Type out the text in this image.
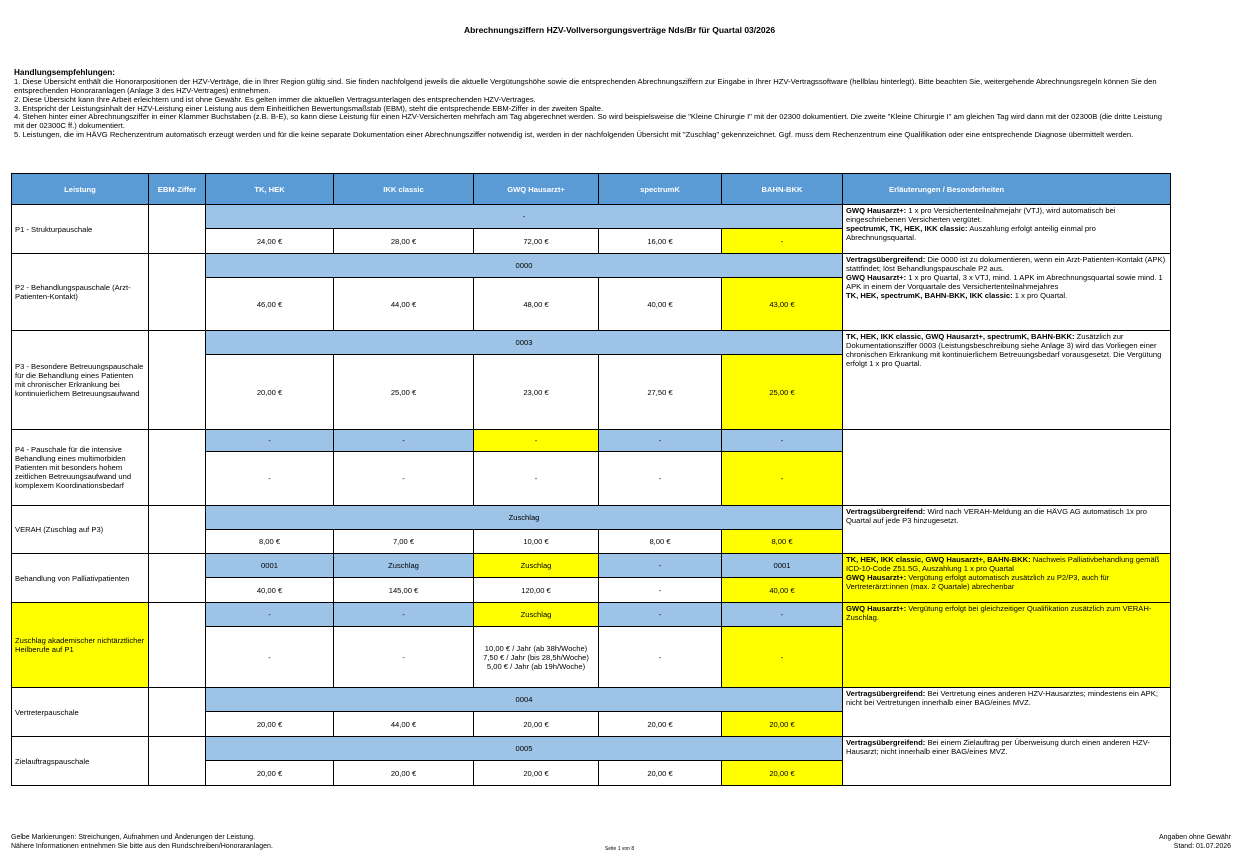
Abrechnungsziffern HZV-Vollversorgungsverträge Nds/Br für Quartal 03/2026
Handlungsempfehlungen:
1. Diese Übersicht enthält die Honorarpositionen der HZV-Verträge, die in Ihrer Region gültig sind. Sie finden nachfolgend jeweils die aktuelle Vergütungshöhe sowie die entsprechenden Abrechnungsziffern zur Eingabe in Ihrer HZV-Vertragssoftware (hellblau hinterlegt). Bitte beachten Sie, weitergehende Abrechnungsregeln können Sie den entsprechenden Honoraranlagen (Anlage 3 des HZV-Vertrages) entnehmen.
2. Diese Übersicht kann Ihre Arbeit erleichtern und ist ohne Gewähr. Es gelten immer die aktuellen Vertragsunterlagen des entsprechenden HZV-Vertrages.
3. Entspricht der Leistungsinhalt der HZV-Leistung einer Leistung aus dem Einheitlichen Bewertungsmaßstab (EBM), steht die entsprechende EBM-Ziffer in der zweiten Spalte.
4. Stehen hinter einer Abrechnungsziffer in einer Klammer Buchstaben (z.B. B-E), so kann diese Leistung für einen HZV-Versicherten mehrfach am Tag abgerechnet werden. So wird beispielsweise die "Kleine Chirurgie I" mit der 02300 dokumentiert. Die zweite "Kleine Chirurgie I" am gleichen Tag wird dann mit der 02300B (die dritte Leistung mit der 02300C ff.) dokumentiert.
5. Leistungen, die im HÄVG Rechenzentrum automatisch erzeugt werden und für die keine separate Dokumentation einer Abrechnungsziffer notwendig ist, werden in der nachfolgenden Übersicht mit "Zuschlag" gekennzeichnet. Ggf. muss dem Rechenzentrum eine Qualifikation oder eine entsprechende Diagnose übermittelt werden.
Leistung	EBM-Ziffer	TK, HEK	IKK classic	GWQ Hausarzt+	spectrumK	BAHN-BKK	Erläuterungen / Besonderheiten
P1 - Strukturpauschale		-					GWQ Hausarzt+: 1 x pro Versichertenteilnahmejahr (VTJ), wird automatisch bei eingeschriebenen Versicherten vergütet.
spectrumK, TK, HEK, IKK classic: Auszahlung erfolgt anteilig einmal pro Abrechnungsquartal.

		24,00 €	28,00 €	72,00 €	16,00 €	-	
P2 - Behandlungspauschale (Arzt-Patienten-Kontakt)		0000					Vertragsübergreifend: Die 0000 ist zu dokumentieren, wenn ein Arzt-Patienten-Kontakt (APK) stattfindet; löst Behandlungspauschale P2 aus.
GWQ Hausarzt+: 1 x pro Quartal, 3 x VTJ, mind. 1 APK im Abrechnungsquartal sowie mind. 1 APK in einem der Vorquartale des Versichertenteilnahmejahres
TK, HEK, spectrumK, BAHN-BKK, IKK classic: 1 x pro Quartal.

		46,00 €	44,00 €	48,00 €	40,00 €	43,00 €	
P3 - Besondere Betreuungspauschale für die Behandlung eines Patienten mit chronischer Erkrankung bei kontinuierlichem Betreuungsaufwand		0003					TK, HEK, IKK classic, GWQ Hausarzt+, spectrumK, BAHN-BKK: Zusätzlich zur Dokumentationsziffer 0003 (Leistungsbeschreibung siehe Anlage 3) wird das Vorliegen einer chronischen Erkrankung mit kontinuierlichem Betreuungsbedarf vorausgesetzt. Die Vergütung erfolgt 1 x pro Quartal.

		20,00 €	25,00 €	23,00 €	27,50 €	25,00 €	
P4 - Pauschale für die intensive Behandlung eines multimorbiden Patienten mit besonders hohem zeitlichen Betreuungsaufwand und komplexem Koordinationsbedarf		-	-	-	-	-	
		-	-	-	-	-	
VERAH (Zuschlag auf P3)		Zuschlag					Vertragsübergreifend: Wird nach VERAH-Meldung an die HÄVG AG automatisch 1x pro Quartal auf jede P3 hinzugesetzt.

		8,00 €	7,00 €	10,00 €	8,00 €	8,00 €	
Behandlung von Palliativpatienten		0001	Zuschlag	Zuschlag	-	0001	TK, HEK, IKK classic, GWQ Hausarzt+, BAHN-BKK: Nachweis Palliativbehandlung gemäß ICD-10-Code Z51.5G, Auszahlung 1 x pro Quartal
GWQ Hausarzt+: Vergütung erfolgt automatisch zusätzlich zu P2/P3, auch für Vertreterärzt:innen (max. 2 Quartale) abrechenbar

		40,00 €	145,00 €	120,00 €	-	40,00 €	
Zuschlag akademischer nichtärztlicher Heilberufe auf P1		-	-	Zuschlag	-	-	GWQ Hausarzt+: Vergütung erfolgt bei gleichzeitiger Qualifikation zusätzlich zum VERAH-Zuschlag.

		-	-	10,00 € / Jahr (ab 38h/Woche)
7,50 € / Jahr (bis 28,5h/Woche)
5,00 € / Jahr (ab 19h/Woche)	-	-	
Vertreterpauschale		0004					Vertragsübergreifend: Bei Vertretung eines anderen HZV-Hausarztes; mindestens ein APK; nicht bei Vertretungen innerhalb einer BAG/eines MVZ.

		20,00 €	44,00 €	20,00 €	20,00 €	20,00 €	
Zielauftragspauschale		0005					Vertragsübergreifend: Bei einem Zielauftrag per Überweisung durch einen anderen HZV-Hausarzt; nicht innerhalb einer BAG/eines MVZ.

		20,00 €	20,00 €	20,00 €	20,00 €	20,00 €	
Gelbe Markierungen: Streichungen, Aufnahmen und Änderungen der Leistung.
Nähere Informationen entnehmen Sie bitte aus den Rundschreiben/Honoraranlagen.	Seite 1 von 8
Angaben ohne Gewähr
Stand: 01.07.2026
